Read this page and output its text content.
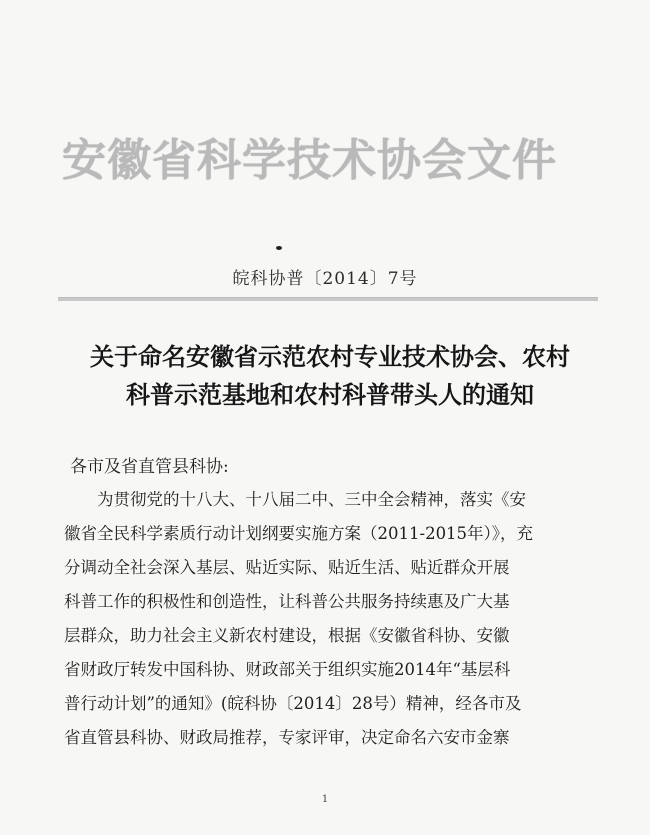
安徽省科学技术协会文件
皖科协普〔2014〕7号
关于命名安徽省示范农村专业技术协会、农村
科普示范基地和农村科普带头人的通知
各市及省直管县科协:
　　为贯彻党的十八大、十八届二中、三中全会精神，落实《安
徽省全民科学素质行动计划纲要实施方案（2011-2015年）》，充
分调动全社会深入基层、贴近实际、贴近生活、贴近群众开展
科普工作的积极性和创造性，让科普公共服务持续惠及广大基
层群众，助力社会主义新农村建设，根据《安徽省科协、安徽
省财政厅转发中国科协、财政部关于组织实施2014年“基层科
普行动计划”的通知》(皖科协〔2014〕28号）精神，经各市及
省直管县科协、财政局推荐，专家评审，决定命名六安市金寨
1
